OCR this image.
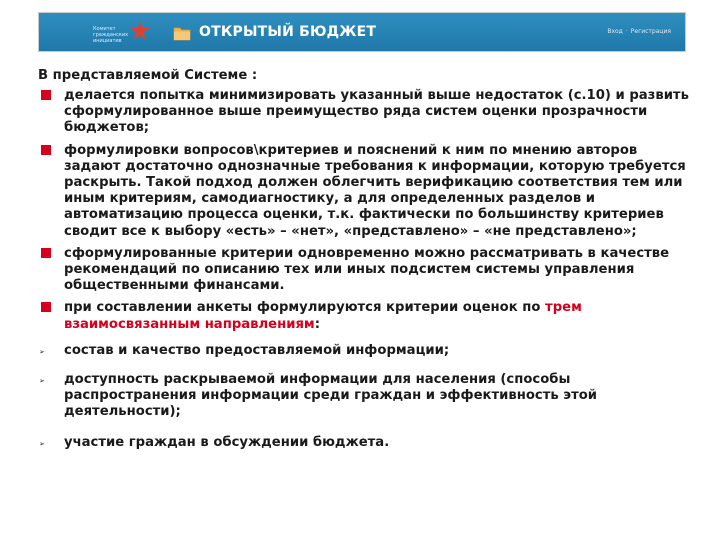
Комитет гражданских инициатив
ОТКРЫТЫЙ БЮДЖЕТ	Вход · Регистрация
В представляемой Системе :
делается попытка минимизировать указанный выше недостаток (с.10) и развить сформулированное выше преимущество ряда систем оценки прозрачности бюджетов;
формулировки вопросов\критериев и пояснений к ним по мнению авторов задают достаточно однозначные требования к информации, которую требуется раскрыть. Такой подход должен облегчить верификацию соответствия тем или иным критериям, самодиагностику, а для определенных разделов и автоматизацию процесса оценки, т.к. фактически по большинству критериев сводит все к выбору «есть» – «нет», «представлено» – «не представлено»;
сформулированные критерии одновременно можно рассматривать в качестве рекомендаций по описанию тех или иных подсистем системы управления общественными финансами.
при составлении анкеты формулируются критерии оценок по трем взаимосвязанным направлениям:
➢ состав и качество предоставляемой информации;
➢ доступность раскрываемой информации для населения (способы распространения информации среди граждан и эффективность этой деятельности);
➢ участие граждан в обсуждении бюджета.
